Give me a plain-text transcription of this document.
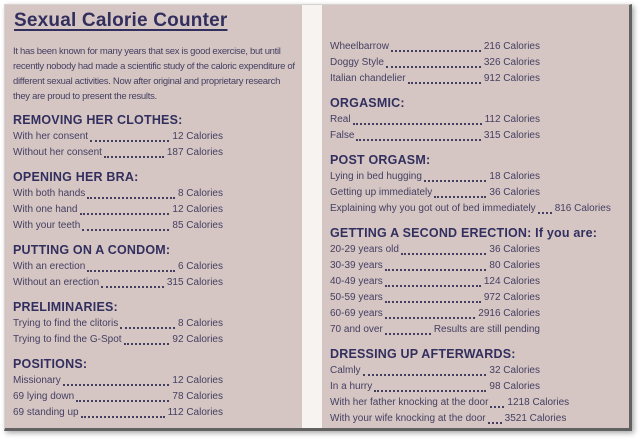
Sexual Calorie Counter

It has been known for many years that sex is good exercise, but until recently nobody had made a scientific study of the caloric expenditure of different sexual activities. Now after original and proprietary research they are proud to present the results.

REMOVING HER CLOTHES:
With her consent	12 Calories
Without her consent	187 Calories
OPENING HER BRA:
With both hands	8 Calories
With one hand	12 Calories
With your teeth	85 Calories
PUTTING ON A CONDOM:
With an erection	6 Calories
Without an erection	315 Calories
PRELIMINARIES:
Trying to find the clitoris	8 Calories
Trying to find the G-Spot	92 Calories
POSITIONS:
Missionary	12 Calories
69 lying down	78 Calories
69 standing up	112 Calories
Wheelbarrow	216 Calories
Doggy Style	326 Calories
Italian chandelier	912 Calories
ORGASMIC:
Real	112 Calories
False	315 Calories
POST ORGASM:
Lying in bed hugging	18 Calories
Getting up immediately	36 Calories
Explaining why you got out of bed immediately 816 Calories
GETTING A SECOND ERECTION: If you are:
20-29 years old	36 Calories
30-39 years	80 Calories
40-49 years	124 Calories
50-59 years	972 Calories
60-69 years	2916 Calories
70 and over	Results are still pending
DRESSING UP AFTERWARDS:
Calmly	32 Calories
In a hurry	98 Calories
With her father knocking at the door 1218 Calories
With your wife knocking at the door 3521 Calories
